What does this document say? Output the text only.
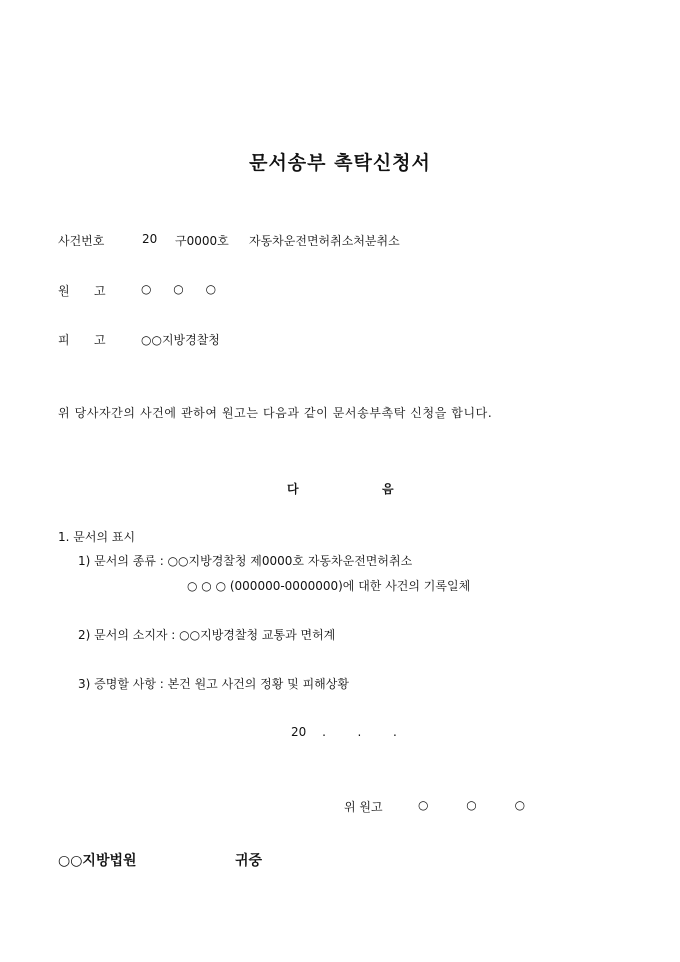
문서송부 촉탁신청서
사건번호	20 구0000호 자동차운전면허취소처분취소
원 고	○ ○ ○
피 고	○○지방경찰청
위 당사자간의 사건에 관하여 원고는 다음과 같이 문서송부촉탁 신청을 합니다.
다	음
1. 문서의 표시
1) 문서의 종류 : ○○지방경찰청 제0000호 자동차운전면허취소
○ ○ ○ (000000-0000000)에 대한 사건의 기록일체
2) 문서의 소지자 : ○○지방경찰청 교통과 면허계
3) 증명할 사항 : 본건 원고 사건의 정황 및 피해상황
20 .  .  .
위 원고	○ ○ ○
○○지방법원	귀중
